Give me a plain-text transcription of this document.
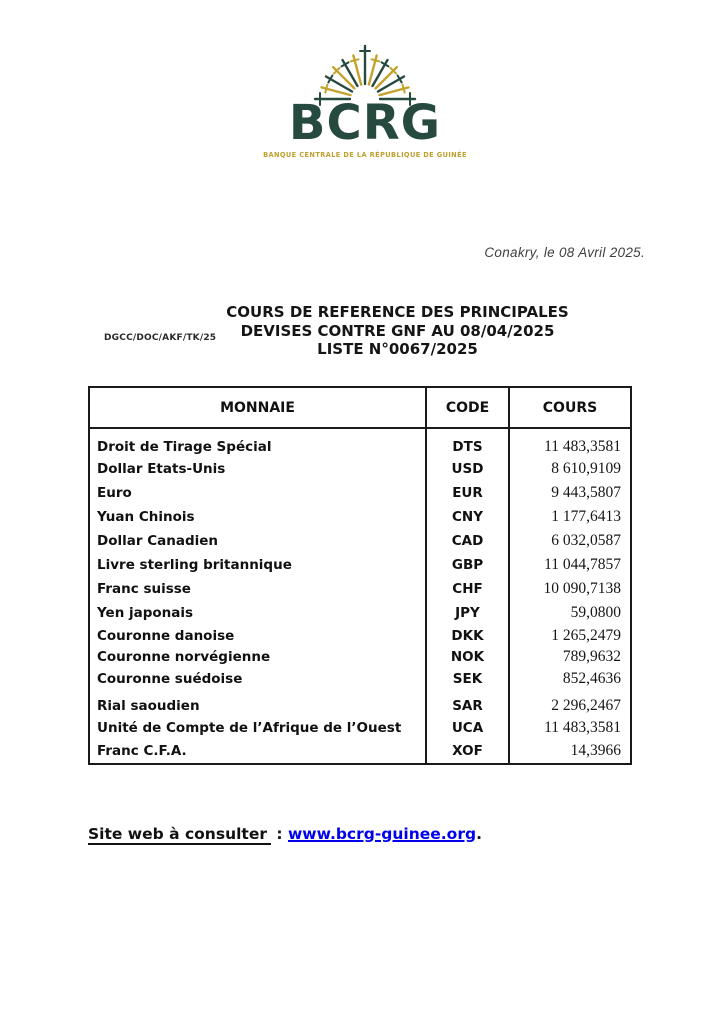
BCRG
BANQUE CENTRALE DE LA RÉPUBLIQUE DE GUINÉE
Conakry, le 08 Avril 2025.
DGCC/DOC/AKF/TK/25
COURS DE REFERENCE DES PRINCIPALES
DEVISES CONTRE GNF AU 08/04/2025
LISTE N°0067/2025
MONNAIE	CODE	COURS
Droit de Tirage Spécial	DTS	11 483,3581
Dollar Etats-Unis	USD	8 610,9109
Euro	EUR	9 443,5807
Yuan Chinois	CNY	1 177,6413
Dollar Canadien	CAD	6 032,0587
Livre sterling britannique	GBP	11 044,7857
Franc suisse	CHF	10 090,7138
Yen japonais	JPY	59,0800
Couronne danoise	DKK	1 265,2479
Couronne norvégienne	NOK	789,9632
Couronne suédoise	SEK	852,4636
Rial saoudien	SAR	2 296,2467
Unité de Compte de l’Afrique de l’Ouest	UCA	11 483,3581
Franc C.F.A.	XOF	14,3966
Site web à consulter : www.bcrg-guinee.org.
